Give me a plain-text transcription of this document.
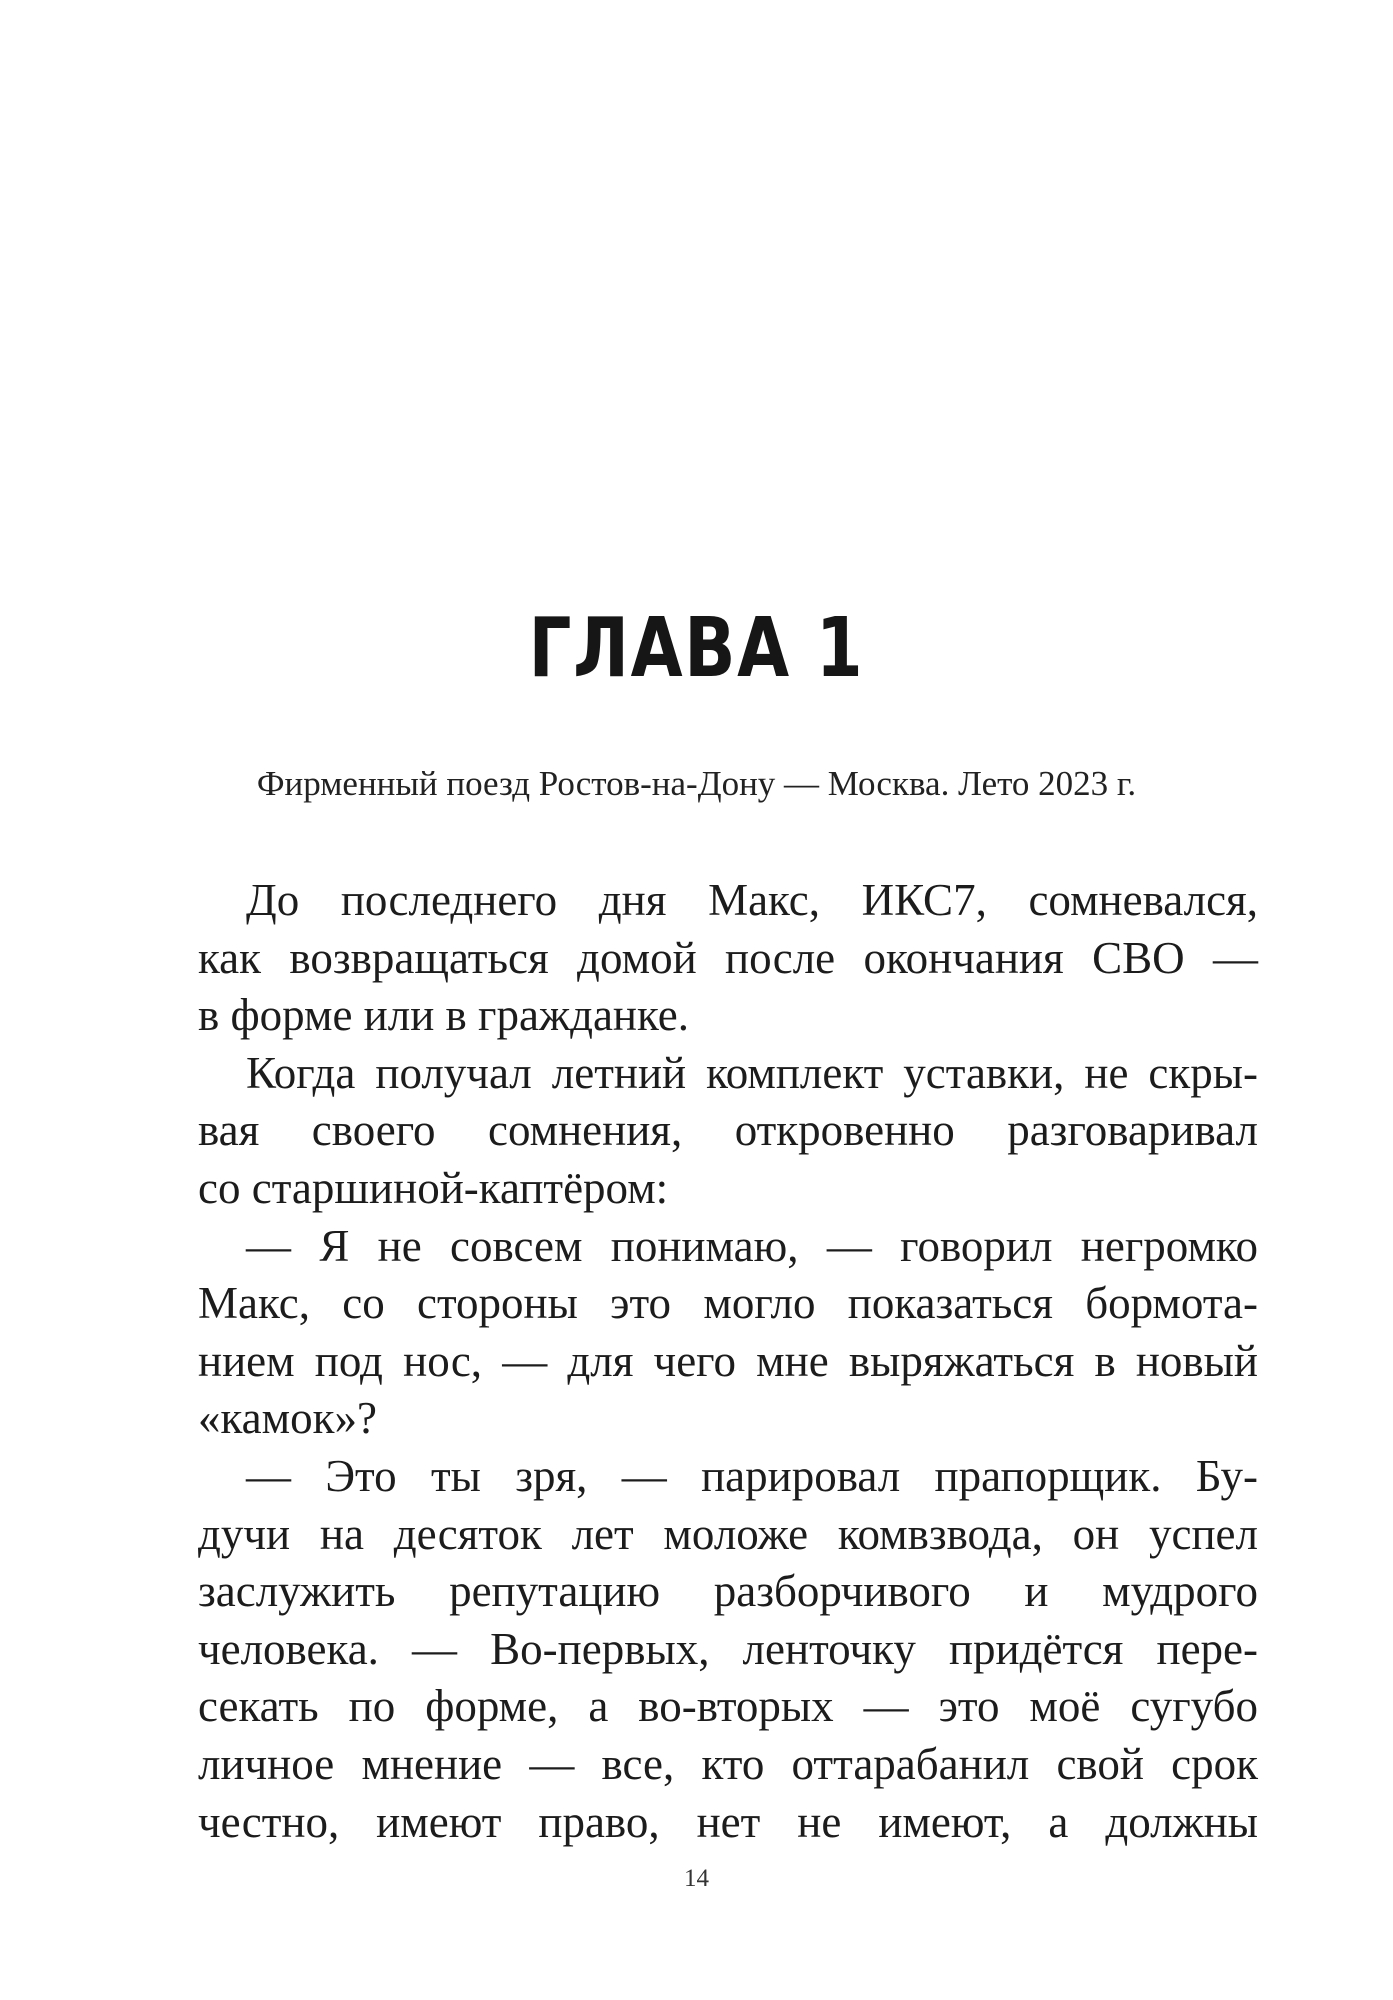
ГЛАВА 1
Фирменный поезд Ростов-на-Дону — Москва. Лето 2023 г.
До последнего дня Макс, ИКС7, сомневался,
как возвращаться домой после окончания СВО —
в форме или в гражданке.
Когда получал летний комплект уставки, не скры-
вая своего сомнения, откровенно разговаривал
со старшиной-каптёром:
— Я не совсем понимаю, — говорил негромко
Макс, со стороны это могло показаться бормота-
нием под нос, — для чего мне выряжаться в новый
«камок»?
— Это ты зря, — парировал прапорщик. Бу-
дучи на десяток лет моложе комвзвода, он успел
заслужить репутацию разборчивого и мудрого
человека. — Во-первых, ленточку придётся пере-
секать по форме, а во-вторых — это моё сугубо
личное мнение — все, кто оттарабанил свой срок
честно, имеют право, нет не имеют, а должны
14
